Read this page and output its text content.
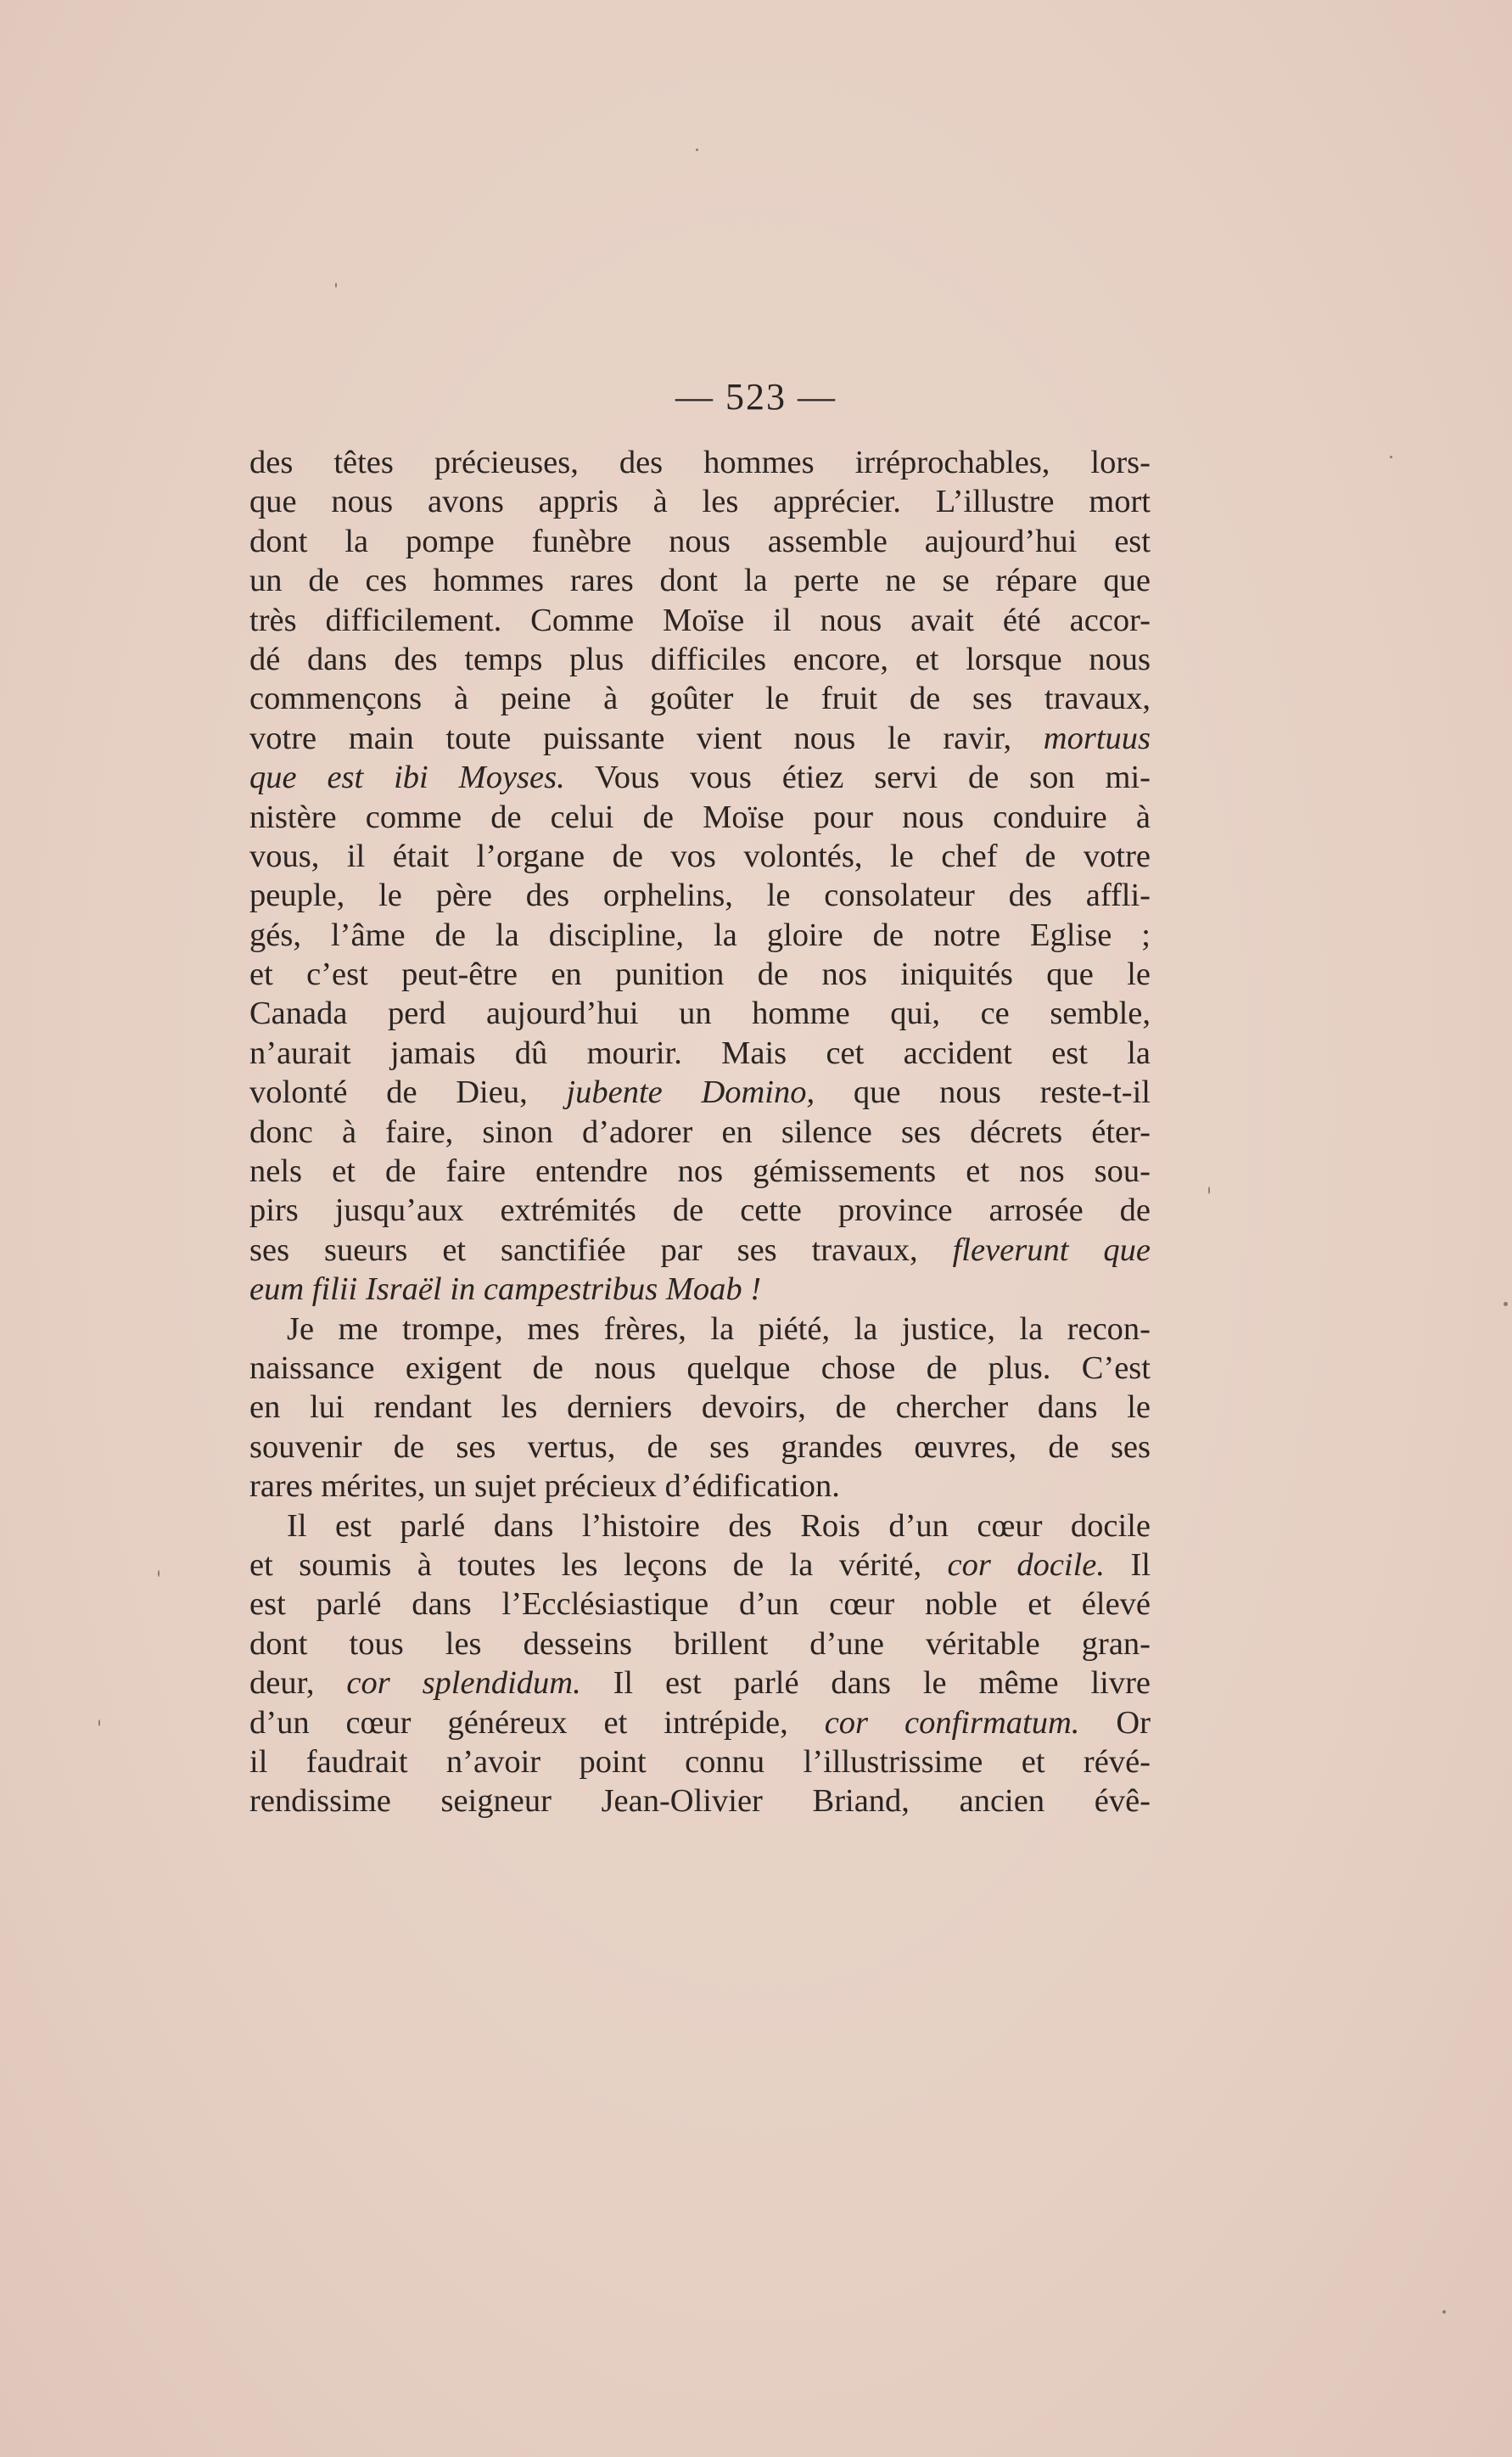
— 523 —
des têtes précieuses, des hommes irréprochables, lors-
que nous avons appris à les apprécier. L’illustre mort
dont la pompe funèbre nous assemble aujourd’hui est
un de ces hommes rares dont la perte ne se répare que
très difficilement. Comme Moïse il nous avait été accor-
dé dans des temps plus difficiles encore, et lorsque nous
commençons à peine à goûter le fruit de ses travaux,
votre main toute puissante vient nous le ravir, mortuus
que est ibi Moyses. Vous vous étiez servi de son mi-
nistère comme de celui de Moïse pour nous conduire à
vous, il était l’organe de vos volontés, le chef de votre
peuple, le père des orphelins, le consolateur des affli-
gés, l’âme de la discipline, la gloire de notre Eglise ;
et c’est peut-être en punition de nos iniquités que le
Canada perd aujourd’hui un homme qui, ce semble,
n’aurait jamais dû mourir. Mais cet accident est la
volonté de Dieu, jubente Domino, que nous reste-t-il
donc à faire, sinon d’adorer en silence ses décrets éter-
nels et de faire entendre nos gémissements et nos sou-
pirs jusqu’aux extrémités de cette province arrosée de
ses sueurs et sanctifiée par ses travaux, fleverunt que
eum filii Israël in campestribus Moab !
Je me trompe, mes frères, la piété, la justice, la recon-
naissance exigent de nous quelque chose de plus. C’est
en lui rendant les derniers devoirs, de chercher dans le
souvenir de ses vertus, de ses grandes œuvres, de ses
rares mérites, un sujet précieux d’édification.
Il est parlé dans l’histoire des Rois d’un cœur docile
et soumis à toutes les leçons de la vérité, cor docile. Il
est parlé dans l’Ecclésiastique d’un cœur noble et élevé
dont tous les desseins brillent d’une véritable gran-
deur, cor splendidum. Il est parlé dans le même livre
d’un cœur généreux et intrépide, cor confirmatum. Or
il faudrait n’avoir point connu l’illustrissime et révé-
rendissime seigneur Jean-Olivier Briand, ancien évê-
